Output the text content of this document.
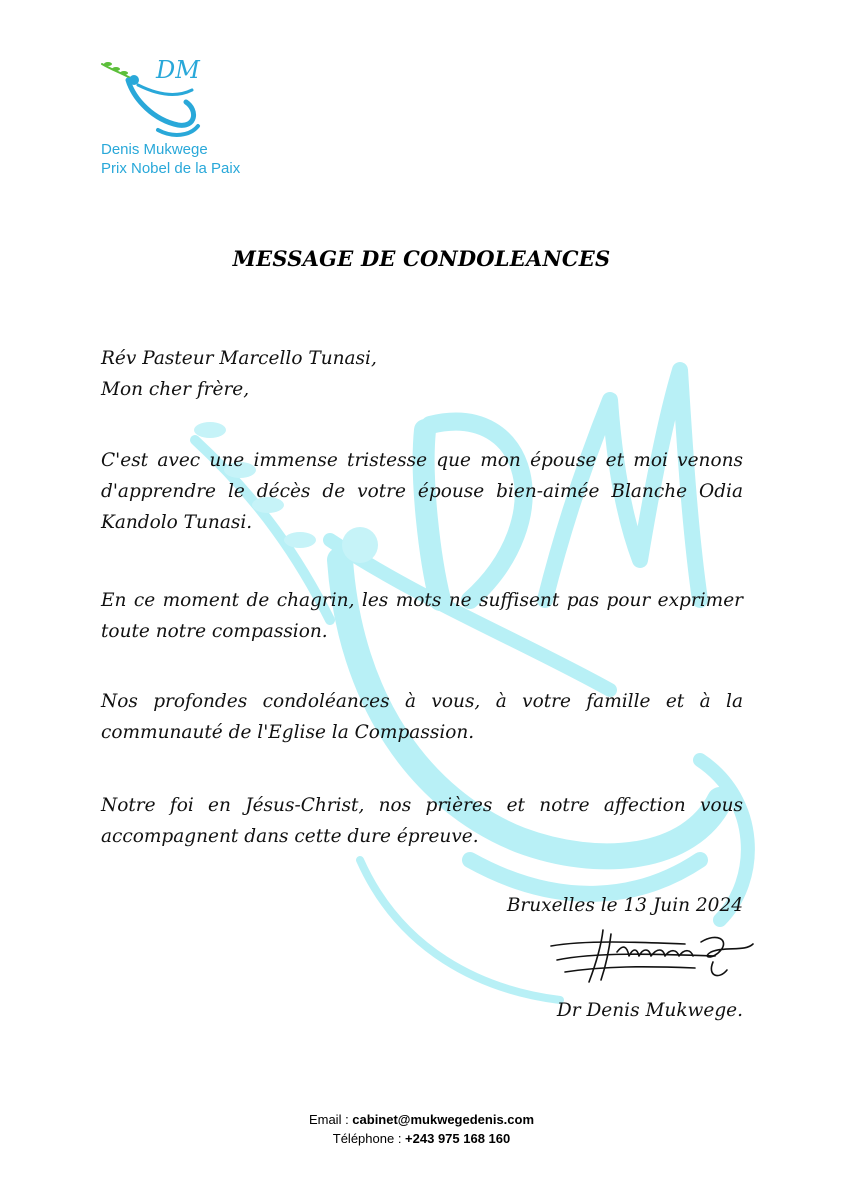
DM
Denis Mukwege
Prix Nobel de la Paix
MESSAGE DE CONDOLEANCES
Rév Pasteur Marcello Tunasi,
Mon cher frère,

C'est avec une immense tristesse que mon épouse et moi venons d'apprendre le décès de votre épouse bien-aimée Blanche Odia Kandolo Tunasi.

En ce moment de chagrin, les mots ne suffisent pas pour exprimer toute notre compassion.

Nos profondes condoléances à vous, à votre famille et à la communauté de l'Eglise la Compassion.

Notre foi en Jésus-Christ, nos prières et notre affection vous accompagnent dans cette dure épreuve.

Bruxelles le 13 Juin 2024
Dr Denis Mukwege.
Email : cabinet@mukwegedenis.com
Téléphone : +243 975 168 160
